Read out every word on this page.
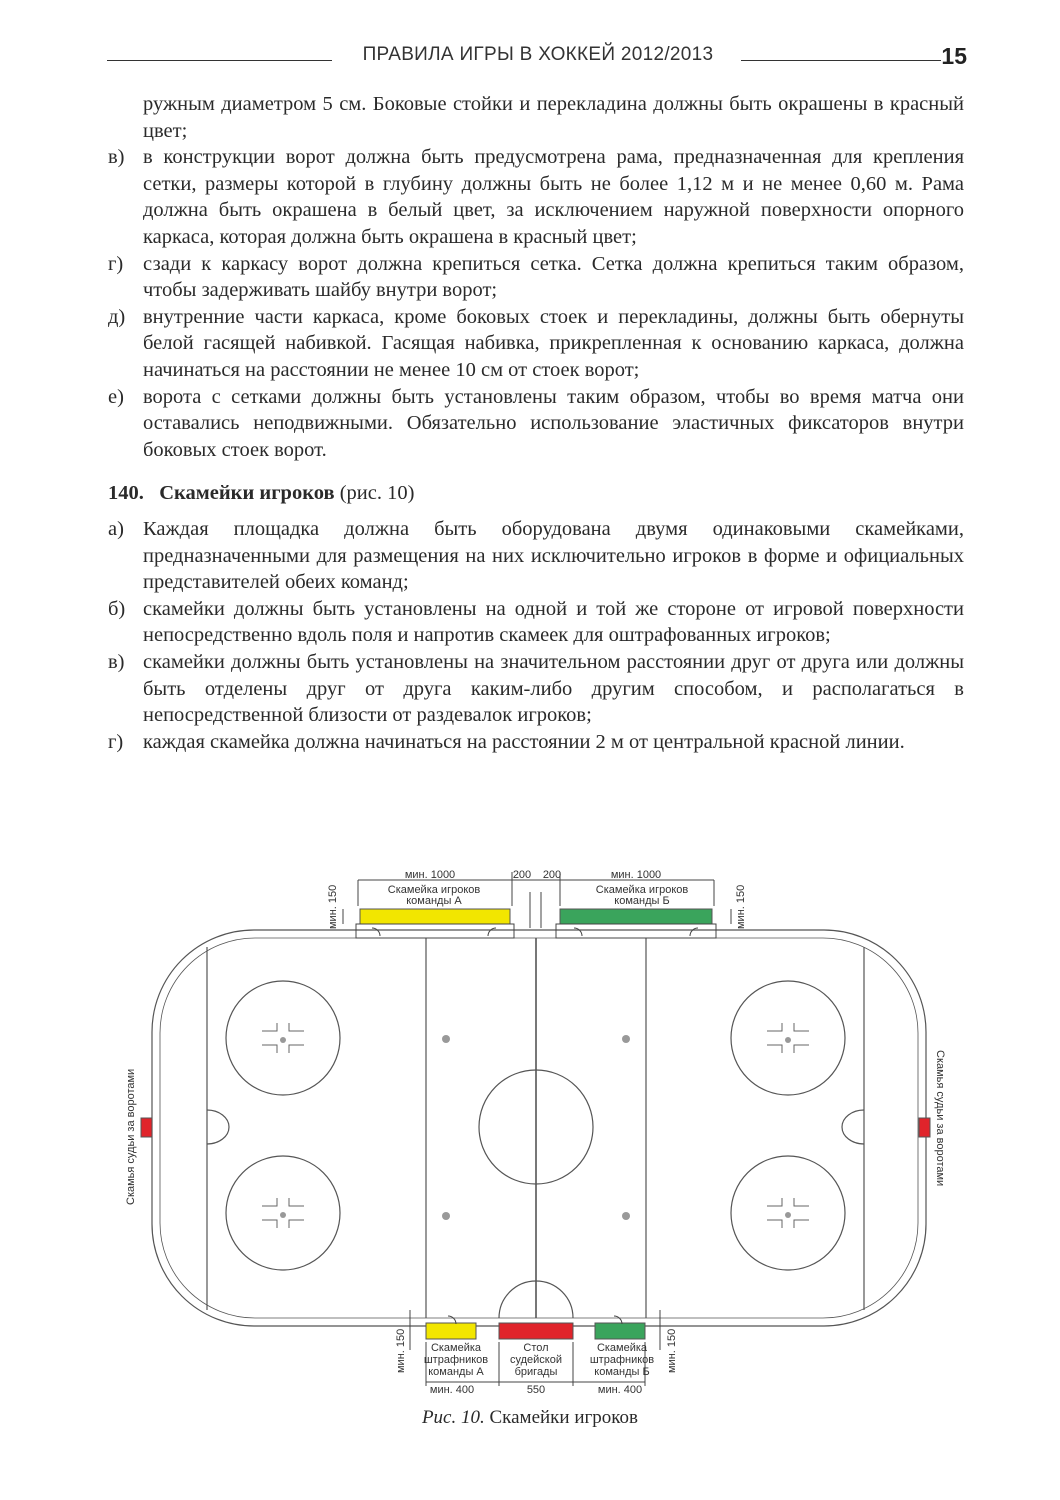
ПРАВИЛА ИГРЫ В ХОККЕЙ 2012/2013	15
ружным диаметром 5 см. Боковые стойки и перекладина должны быть окрашены в красный цвет;
в) в конструкции ворот должна быть предусмотрена рама, предназначенная для крепления сетки, размеры которой в глубину должны быть не более 1,12 м и не менее 0,60 м. Рама должна быть окрашена в белый цвет, за исключением наружной поверхности опорного каркаса, которая должна быть окрашена в красный цвет;
г) сзади к каркасу ворот должна крепиться сетка. Сетка должна крепиться таким образом, чтобы задерживать шайбу внутри ворот;
д) внутренние части каркаса, кроме боковых стоек и перекладины, должны быть обернуты белой гасящей набивкой. Гасящая набивка, прикрепленная к основанию каркаса, должна начинаться на расстоянии не менее 10 см от стоек ворот;
е) ворота с сетками должны быть установлены таким образом, чтобы во время матча они оставались неподвижными. Обязательно использование эластичных фиксаторов внутри боковых стоек ворот.
140. Скамейки игроков (рис. 10)
а) Каждая площадка должна быть оборудована двумя одинаковыми скамейками, предназначенными для размещения на них исключительно игроков в форме и официальных представителей обеих команд;
б) скамейки должны быть установлены на одной и той же стороне от игровой поверхности непосредственно вдоль поля и напротив скамеек для оштрафованных игроков;
в) скамейки должны быть установлены на значительном расстоянии друг от друга или должны быть отделены друг от друга каким-либо другим способом, и располагаться в непосредственной близости от раздевалок игроков;
г) каждая скамейка должна начинаться на расстоянии 2 м от центральной красной линии.
мин. 1000	200 200	мин. 1000
Скамейка игроков
команды А
Скамейка игроков
команды Б
мин. 150	мин. 150
мин. 150	мин. 150
Скамья судьи за воротами	Скамья судьи за воротами
Скамейка
штрафников
команды А
Стол
судейской
бригады
Скамейка
штрафников
команды Б
мин. 400	550	мин. 400
Рис. 10. Скамейки игроков
